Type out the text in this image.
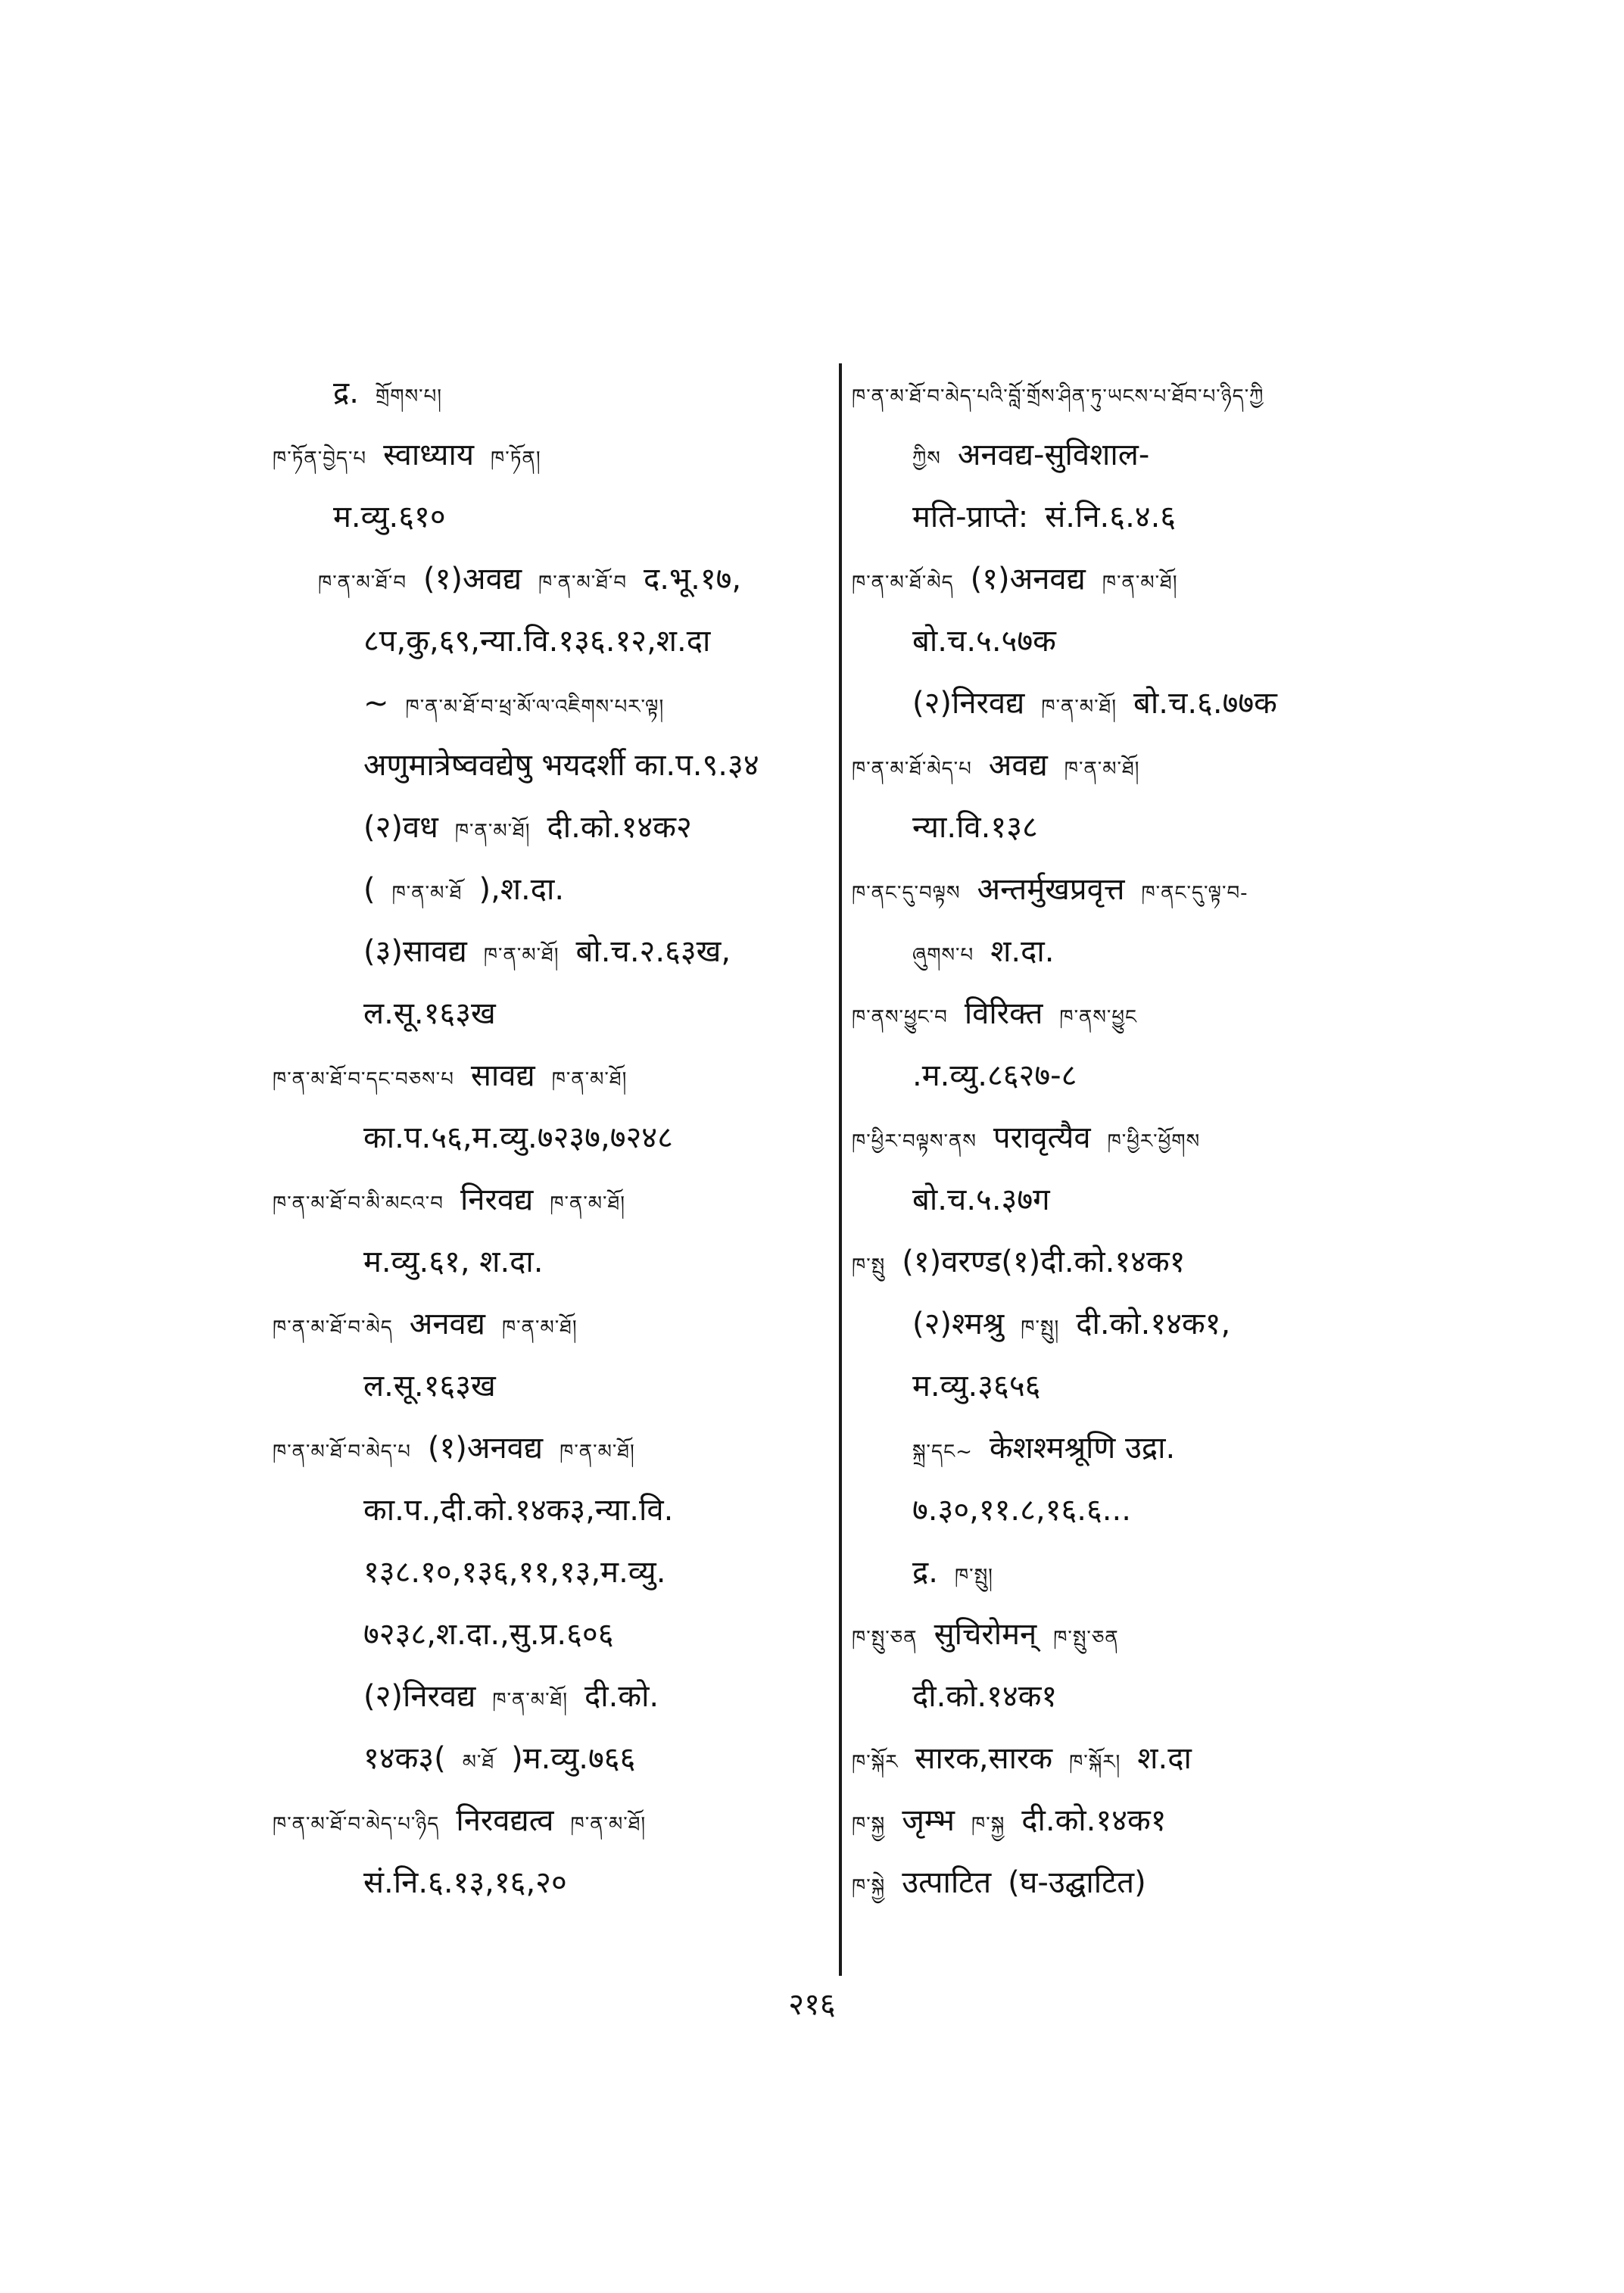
द्र. གྲོགས་པ།
ཁ་ཏོན་བྱེད་པ स्वाध्याय ཁ་ཏོན།
म.व्यु.६१०
ཁ་ན་མ་ཐོ་བ (१)अवद्य ཁ་ན་མ་ཐོ་བ द.भू.१७,
८प,कु,६९,न्या.वि.१३६.१२,श.दा
~ ཁ་ན་མ་ཐོ་བ་ཕྲ་མོ་ལ་འཇིགས་པར་ལྟ།
अणुमात्रेष्ववद्येषु भयदर्शी का.प.९.३४
(२)वध ཁ་ན་མ་ཐོ། दी.को.१४क२
( ཁ་ན་མ་ཐོ ),श.दा.
(३)सावद्य ཁ་ན་མ་ཐོ། बो.च.२.६३ख,
ल.सू.१६३ख
ཁ་ན་མ་ཐོ་བ་དང་བཅས་པ सावद्य ཁ་ན་མ་ཐོ།
का.प.५६,म.व्यु.७२३७,७२४८
ཁ་ན་མ་ཐོ་བ་མི་མངའ་བ निरवद्य ཁ་ན་མ་ཐོ།
म.व्यु.६१, श.दा.
ཁ་ན་མ་ཐོ་བ་མེད अनवद्य ཁ་ན་མ་ཐོ།
ल.सू.१६३ख
ཁ་ན་མ་ཐོ་བ་མེད་པ (१)अनवद्य ཁ་ན་མ་ཐོ།
का.प.,दी.को.१४क३,न्या.वि.
१३८.१०,१३६,११,१३,म.व्यु.
७२३८,श.दा.,सु.प्र.६०६
(२)निरवद्य ཁ་ན་མ་ཐོ། दी.को.
१४क३( མ་ཐོ )म.व्यु.७६६
ཁ་ན་མ་ཐོ་བ་མེད་པ་ཉིད निरवद्यत्व ཁ་ན་མ་ཐོ།
सं.नि.६.१३,१६,२०
ཁ་ན་མ་ཐོ་བ་མེད་པའི་བློ་གྲོས་ཤིན་ཏུ་ཡངས་པ་ཐོབ་པ་ཉིད་ཀྱི
ཀྱིས अनवद्य-सुविशाल-
मति-प्राप्ते: सं.नि.६.४.६
ཁ་ན་མ་ཐོ་མེད (१)अनवद्य ཁ་ན་མ་ཐོ།
बो.च.५.५७क
(२)निरवद्य ཁ་ན་མ་ཐོ། बो.च.६.७७क
ཁ་ན་མ་ཐོ་མེད་པ अवद्य ཁ་ན་མ་ཐོ།
न्या.वि.१३८
ཁ་ནང་དུ་བལྟས अन्तर्मुखप्रवृत्त ཁ་ནང་དུ་ལྟ་བ-
ཞུགས་པ श.दा.
ཁ་ནས་ཕྱུང་བ विरिक्त ཁ་ནས་ཕྱུང
.म.व्यु.८६२७-८
ཁ་ཕྱིར་བལྟས་ནས परावृत्यैव ཁ་ཕྱིར་ཕྱོགས
बो.च.५.३७ग
ཁ་སྤུ (१)वरण्ड(१)दी.को.१४क१
(२)श्मश्रु ཁ་སྤུ། दी.को.१४क१,
म.व्यु.३६५६
སྐྲ་དང~ केशश्मश्रूणि उद्रा.
७.३०,११.८,१६.६...
द्र. ཁ་སྤུ།
ཁ་སྤུ་ཅན सुचिरोमन् ཁ་སྤུ་ཅན
दी.को.१४क१
ཁ་སྐོར सारक,सारक ཁ་སྐོར། श.दा
ཁ་སྐྱ जृम्भ ཁ་སྐྱ दी.को.१४क१
ཁ་སྐྱེ उत्पाटित (घ-उद्घाटित)
२१६
